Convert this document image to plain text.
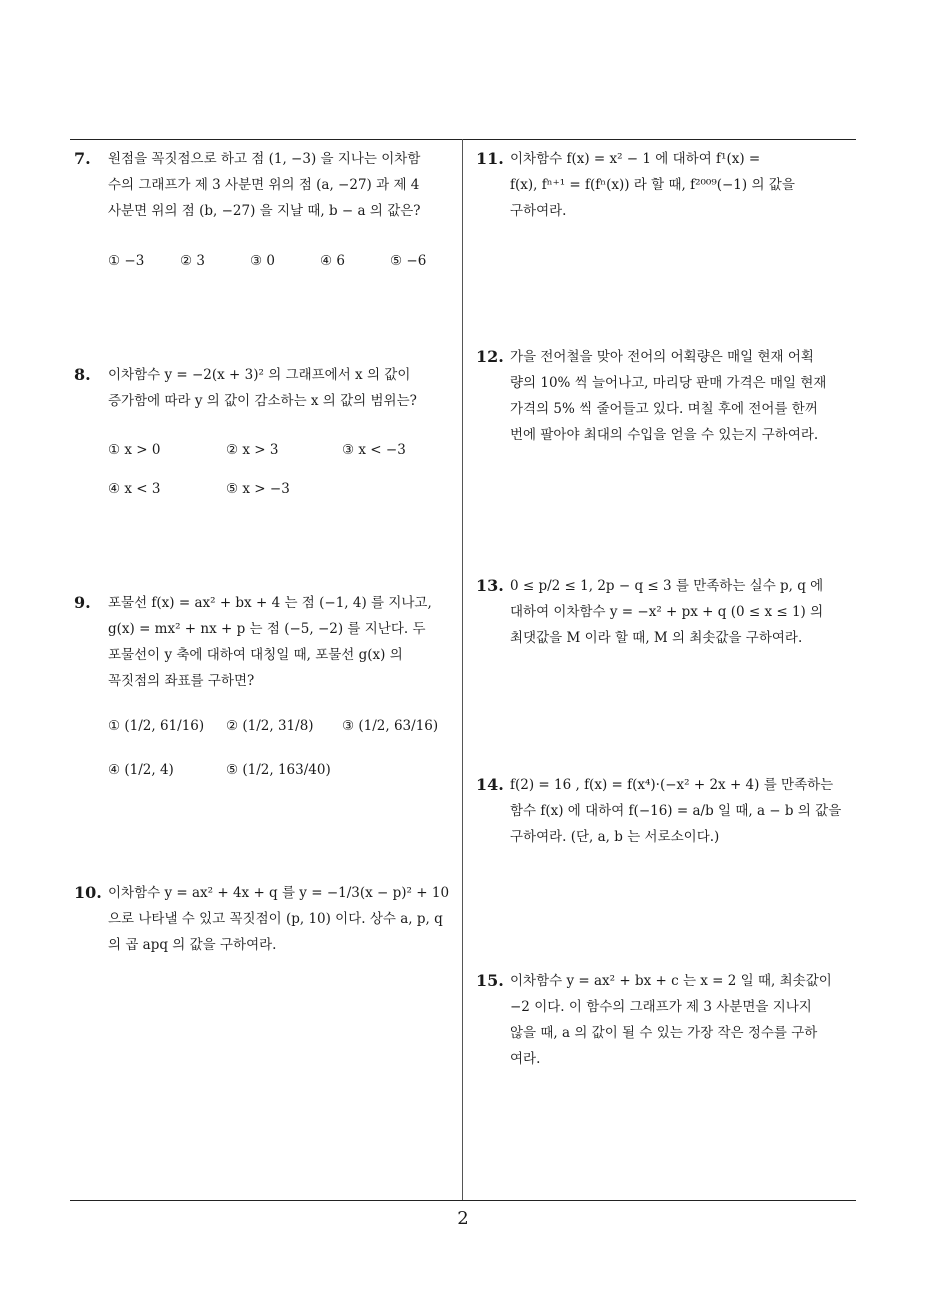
7. 원점을 꼭짓점으로 하고 점 (1, −3) 을 지나는 이차함

수의 그래프가 제 3 사분면 위의 점 (a, −27) 과 제 4

사분면 위의 점 (b, −27) 을 지날 때, b − a 의 값은?

① −3	② 3	③ 0	④ 6	⑤ −6
8. 이차함수 y = −2(x + 3)² 의 그래프에서 x 의 값이

증가함에 따라 y 의 값이 감소하는 x 의 값의 범위는?

① x > 0	② x > 3	③ x < −3
④ x < 3	⑤ x > −3
9. 포물선 f(x) = ax² + bx + 4 는 점 (−1, 4) 를 지나고,

g(x) = mx² + nx + p 는 점 (−5, −2) 를 지난다. 두

포물선이 y 축에 대하여 대칭일 때, 포물선 g(x) 의

꼭짓점의 좌표를 구하면?

① (1/2, 61/16) ② (1/2, 31/8) ③ (1/2, 63/16)
④ (1/2, 4)	⑤ (1/2, 163/40)
10. 이차함수 y = ax² + 4x + q 를 y = −1/3(x − p)² + 10

으로 나타낼 수 있고 꼭짓점이 (p, 10) 이다. 상수 a, p, q

의 곱 apq 의 값을 구하여라.

11. 이차함수 f(x) = x² − 1 에 대하여 f¹(x) =

f(x), fⁿ⁺¹ = f(fⁿ(x)) 라 할 때, f²⁰⁰⁹(−1) 의 값을

구하여라.

12. 가을 전어철을 맞아 전어의 어획량은 매일 현재 어획

량의 10% 씩 늘어나고, 마리당 판매 가격은 매일 현재

가격의 5% 씩 줄어들고 있다. 며칠 후에 전어를 한꺼

번에 팔아야 최대의 수입을 얻을 수 있는지 구하여라.

13. 0 ≤ p/2 ≤ 1, 2p − q ≤ 3 를 만족하는 실수 p, q 에

대하여 이차함수 y = −x² + px + q (0 ≤ x ≤ 1) 의

최댓값을 M 이라 할 때, M 의 최솟값을 구하여라.

14. f(2) = 16 , f(x) = f(x⁴)·(−x² + 2x + 4) 를 만족하는

함수 f(x) 에 대하여 f(−16) = a/b 일 때, a − b 의 값을

구하여라. (단, a, b 는 서로소이다.)

15. 이차함수 y = ax² + bx + c 는 x = 2 일 때, 최솟값이

−2 이다. 이 함수의 그래프가 제 3 사분면을 지나지

않을 때, a 의 값이 될 수 있는 가장 작은 정수를 구하

여라.

2
